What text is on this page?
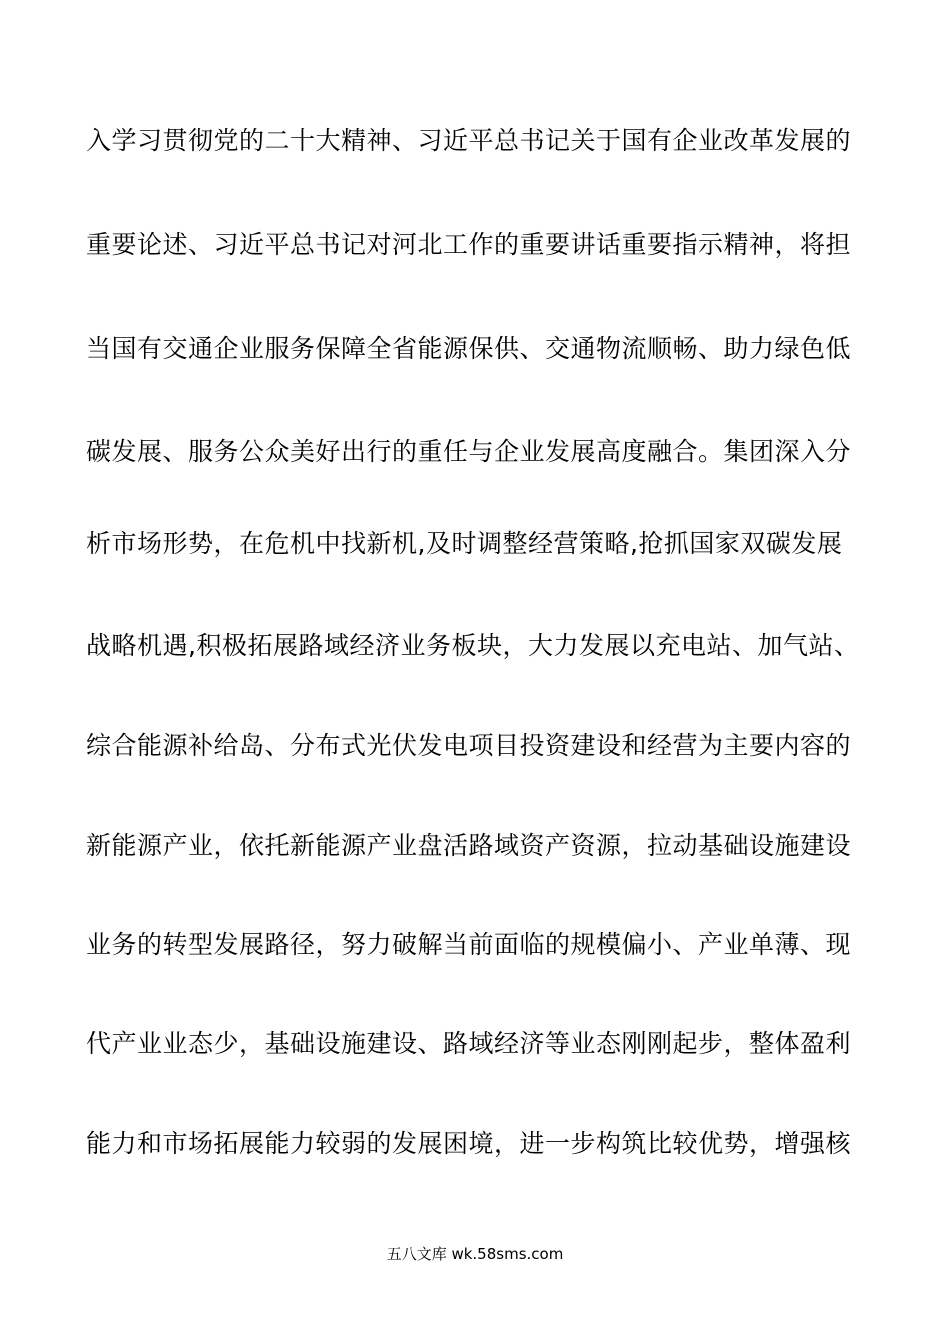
入学习贯彻党的二十大精神、习近平总书记关于国有企业改革发展的
重要论述、习近平总书记对河北工作的重要讲话重要指示精神，将担
当国有交通企业服务保障全省能源保供、交通物流顺畅、助力绿色低
碳发展、服务公众美好出行的重任与企业发展高度融合。集团深入分
析市场形势，在危机中找新机,及时调整经营策略,抢抓国家双碳发展
战略机遇,积极拓展路域经济业务板块，大力发展以充电站、加气站、
综合能源补给岛、分布式光伏发电项目投资建设和经营为主要内容的
新能源产业，依托新能源产业盘活路域资产资源，拉动基础设施建设
业务的转型发展路径，努力破解当前面临的规模偏小、产业单薄、现
代产业业态少，基础设施建设、路域经济等业态刚刚起步，整体盈利
能力和市场拓展能力较弱的发展困境，进一步构筑比较优势，增强核
五八文库 wk.58sms.com
